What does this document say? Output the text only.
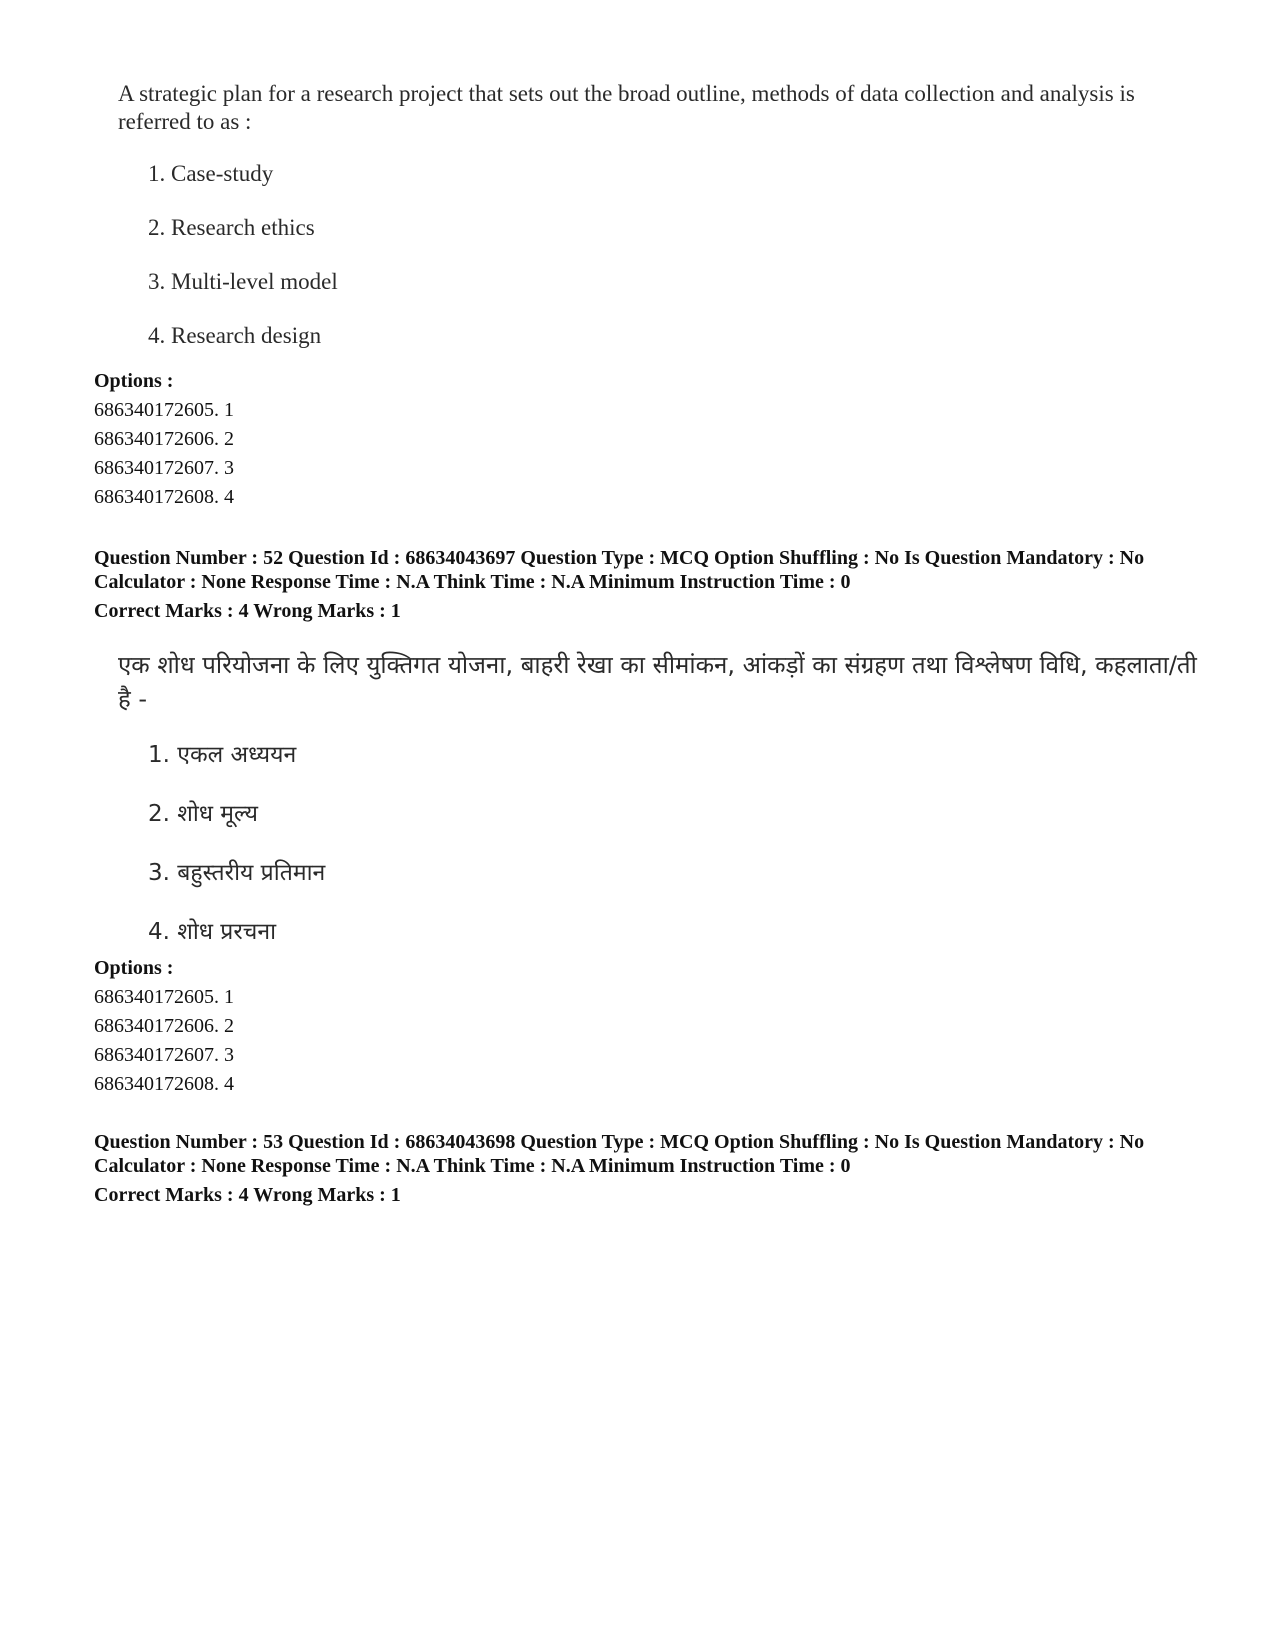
A strategic plan for a research project that sets out the broad outline, methods of data collection and analysis is referred to as :

1. Case-study
2. Research ethics
3. Multi-level model
4. Research design
Options :
686340172605. 1
686340172606. 2
686340172607. 3
686340172608. 4
Question Number : 52 Question Id : 68634043697 Question Type : MCQ Option Shuffling : No Is Question Mandatory : No Calculator : None Response Time : N.A Think Time : N.A Minimum Instruction Time : 0
Correct Marks : 4 Wrong Marks : 1

एक शोध परियोजना के लिए युक्तिगत योजना, बाहरी रेखा का सीमांकन, आंकड़ों का संग्रहण तथा विश्लेषण विधि, कहलाता/ती है -

1. एकल अध्ययन
2. शोध मूल्य
3. बहुस्तरीय प्रतिमान
4. शोध प्ररचना
Options :
686340172605. 1
686340172606. 2
686340172607. 3
686340172608. 4
Question Number : 53 Question Id : 68634043698 Question Type : MCQ Option Shuffling : No Is Question Mandatory : No Calculator : None Response Time : N.A Think Time : N.A Minimum Instruction Time : 0
Correct Marks : 4 Wrong Marks : 1
